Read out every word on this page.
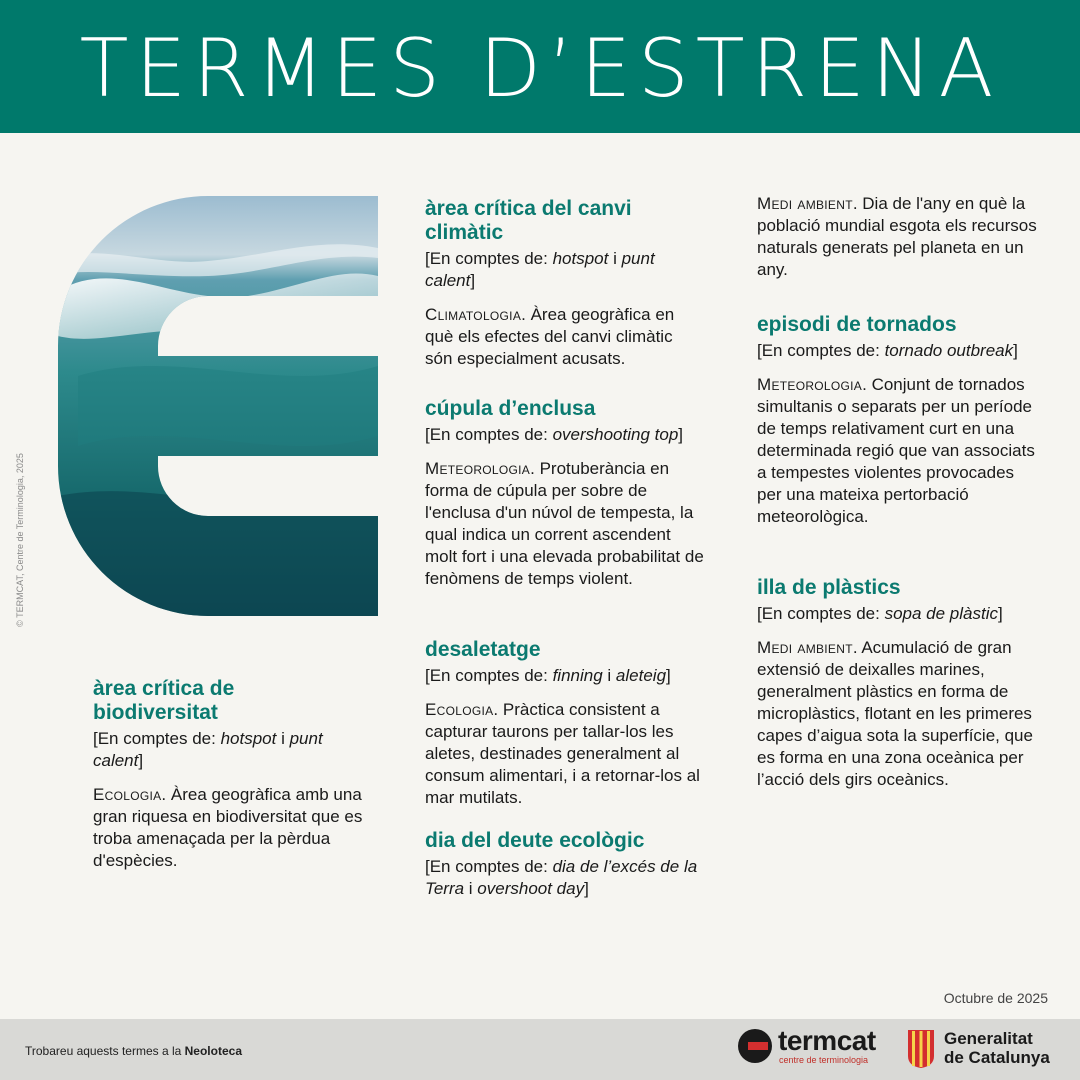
TERMES D’ESTRENA
© TERMCAT, Centre de Terminologia, 2025
àrea crítica de biodiversitat
[En comptes de: hotspot i punt calent]
Ecologia. Àrea geogràfica amb una gran riquesa en biodiversitat que es troba amenaçada per la pèrdua d'espècies.
àrea crítica del canvi climàtic
[En comptes de: hotspot i punt calent]
Climatologia. Àrea geogràfica en què els efectes del canvi climàtic són especialment acusats.
cúpula d’enclusa
[En comptes de: overshooting top]
Meteorologia. Protuberància en forma de cúpula per sobre de l'enclusa d'un núvol de tempesta, la qual indica un corrent ascendent molt fort i una elevada probabilitat de fenòmens de temps violent.
desaletatge
[En comptes de: finning i aleteig]
Ecologia. Pràctica consistent a capturar taurons per tallar-los les aletes, destinades generalment al consum alimentari, i a retornar-los al mar mutilats.
dia del deute ecològic
[En comptes de: dia de l’excés de la Terra i overshoot day]
Medi ambient. Dia de l'any en què la població mundial esgota els recursos naturals generats pel planeta en un any.
episodi de tornados
[En comptes de: tornado outbreak]
Meteorologia. Conjunt de tornados simultanis o separats per un període de temps relativament curt en una determinada regió que van associats a tempestes violentes provocades per una mateixa pertorbació meteorològica.
illa de plàstics
[En comptes de: sopa de plàstic]
Medi ambient. Acumulació de gran extensió de deixalles marines, generalment plàstics en forma de microplàstics, flotant en les primeres capes d’aigua sota la superfície, que es forma en una zona oceànica per l’acció dels girs oceànics.
Octubre de 2025
Trobareu aquests termes a la Neoloteca	termcat
centre de terminologia
Generalitat
de Catalunya
